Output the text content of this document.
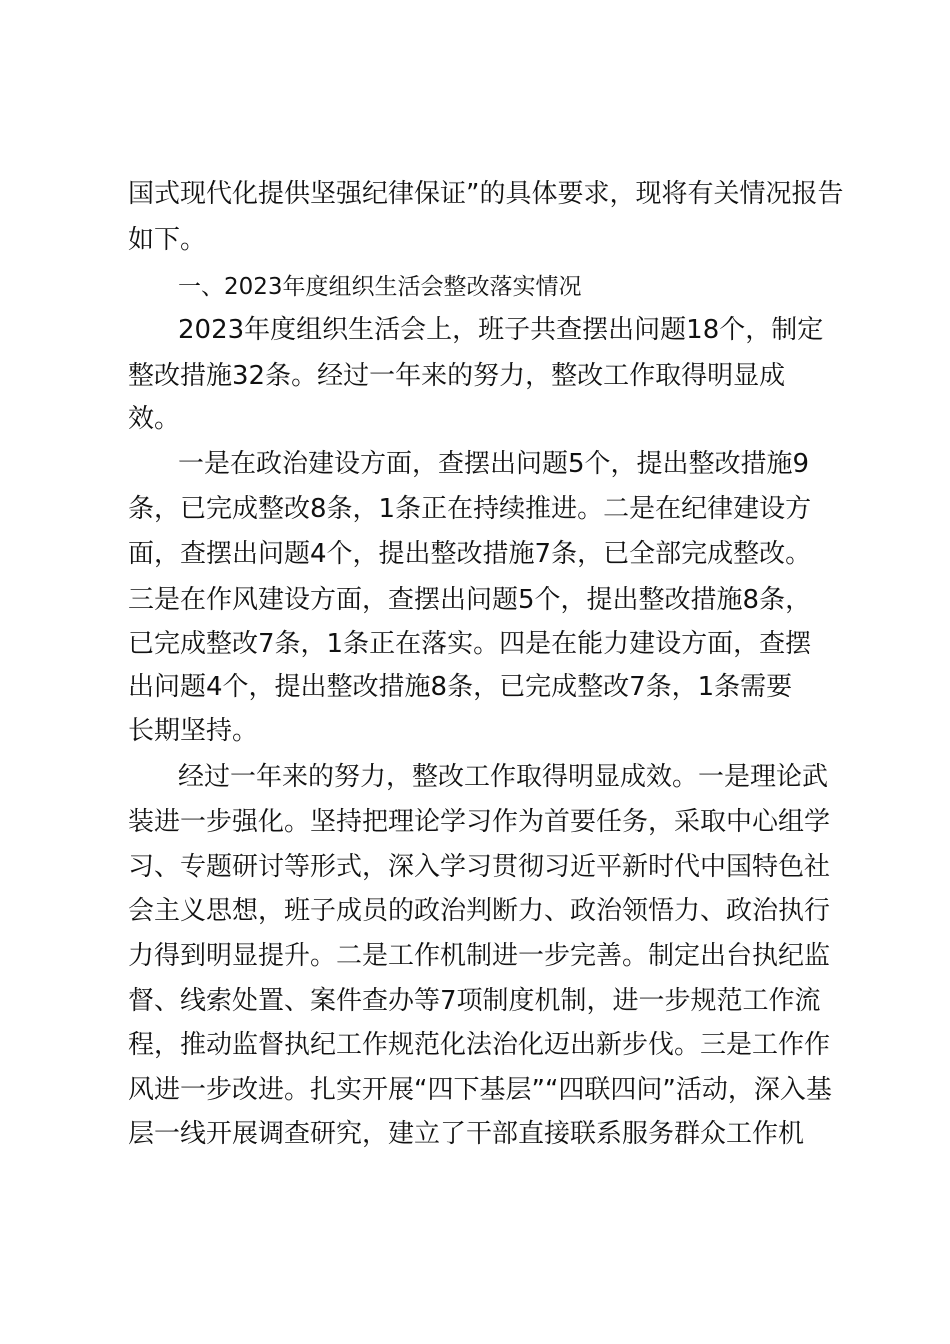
国式现代化提供坚强纪律保证”的具体要求，现将有关情况报告

如下。

一、2023年度组织生活会整改落实情况

2023年度组织生活会上，班子共查摆出问题18个，制定

整改措施32条。经过一年来的努力，整改工作取得明显成

效。

一是在政治建设方面，查摆出问题5个，提出整改措施9

条，已完成整改8条，1条正在持续推进。二是在纪律建设方

面，查摆出问题4个，提出整改措施7条，已全部完成整改。

三是在作风建设方面，查摆出问题5个，提出整改措施8条，

已完成整改7条，1条正在落实。四是在能力建设方面，查摆

出问题4个，提出整改措施8条，已完成整改7条，1条需要

长期坚持。

经过一年来的努力，整改工作取得明显成效。一是理论武

装进一步强化。坚持把理论学习作为首要任务，采取中心组学

习、专题研讨等形式，深入学习贯彻习近平新时代中国特色社

会主义思想，班子成员的政治判断力、政治领悟力、政治执行

力得到明显提升。二是工作机制进一步完善。制定出台执纪监

督、线索处置、案件查办等7项制度机制，进一步规范工作流

程，推动监督执纪工作规范化法治化迈出新步伐。三是工作作

风进一步改进。扎实开展“四下基层”“四联四问”活动，深入基

层一线开展调查研究，建立了干部直接联系服务群众工作机
